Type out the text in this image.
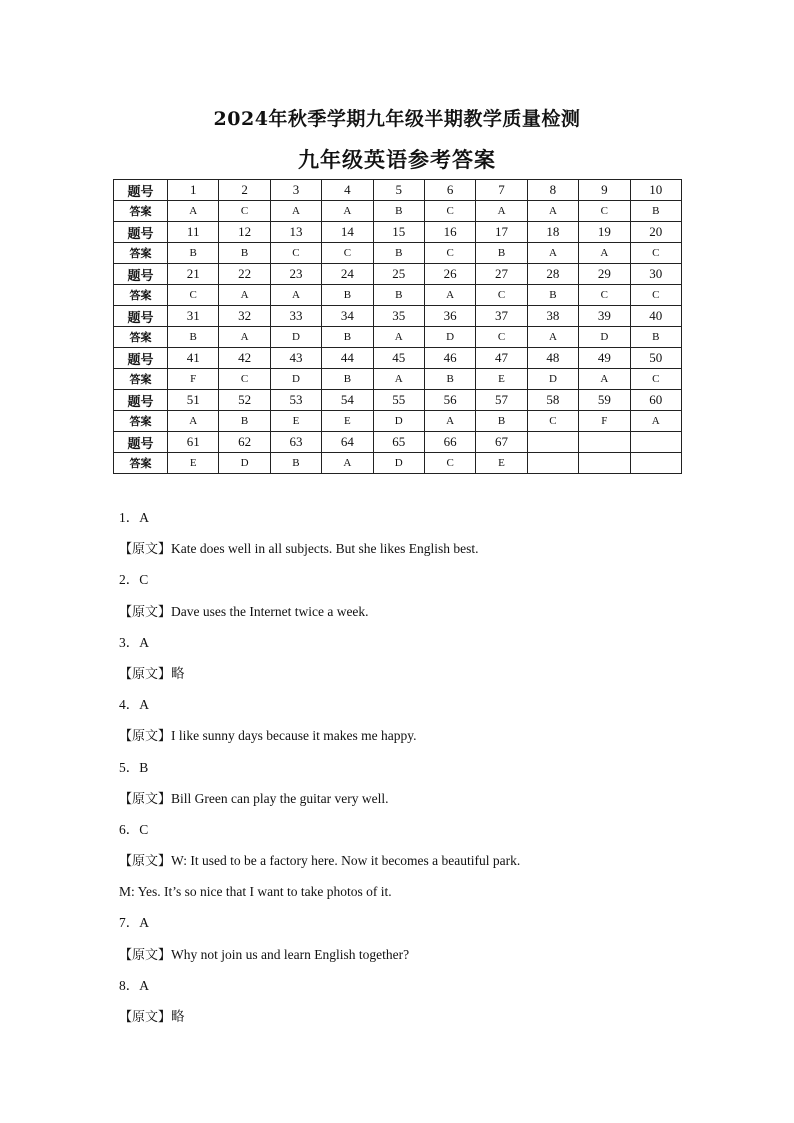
2024年秋季学期九年级半期教学质量检测
九年级英语参考答案
题号	1	2	3	4	5	6	7	8	9	10
答案	A	C	A	A	B	C	A	A	C	B
题号	11	12	13	14	15	16	17	18	19	20
答案	B	B	C	C	B	C	B	A	A	C
题号	21	22	23	24	25	26	27	28	29	30
答案	C	A	A	B	B	A	C	B	C	C
题号	31	32	33	34	35	36	37	38	39	40
答案	B	A	D	B	A	D	C	A	D	B
题号	41	42	43	44	45	46	47	48	49	50
答案	F	C	D	B	A	B	E	D	A	C
题号	51	52	53	54	55	56	57	58	59	60
答案	A	B	E	E	D	A	B	C	F	A
题号	61	62	63	64	65	66	67			
答案	E	D	B	A	D	C	E			
1．A
【原文】Kate does well in all subjects. But she likes English best.
2．C
【原文】Dave uses the Internet twice a week.
3．A
【原文】略
4．A
【原文】I like sunny days because it makes me happy.
5．B
【原文】Bill Green can play the guitar very well.
6．C
【原文】W: It used to be a factory here. Now it becomes a beautiful park.
M: Yes. It’s so nice that I want to take photos of it.
7．A
【原文】Why not join us and learn English together?
8．A
【原文】略
